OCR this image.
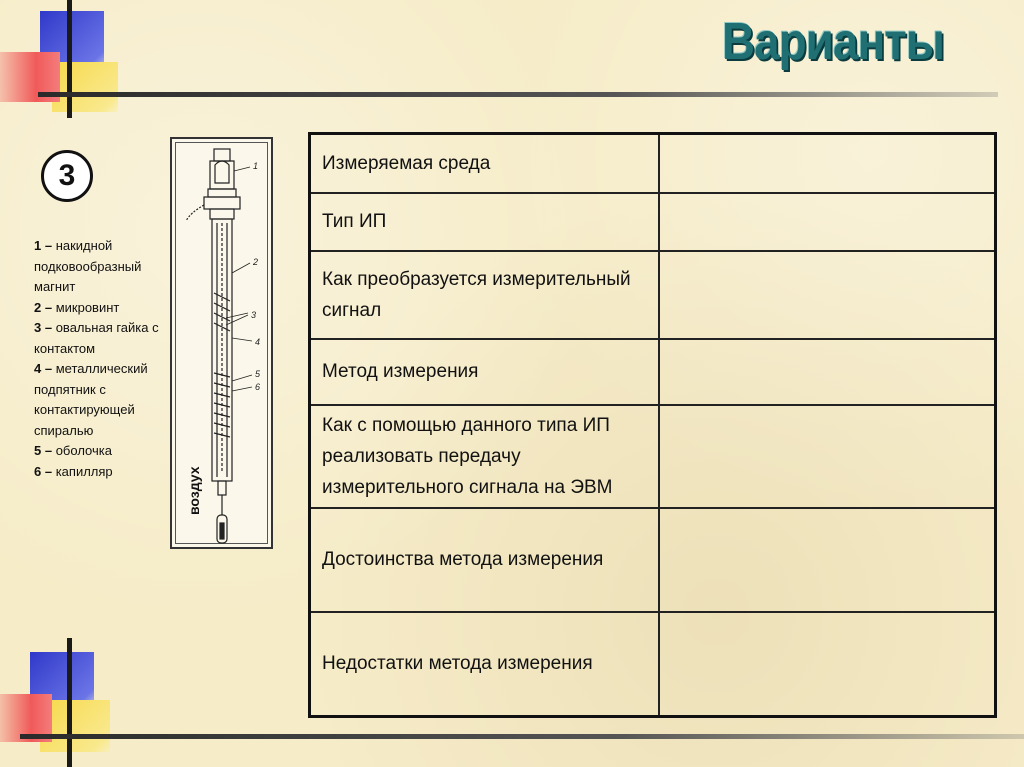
Варианты
3
1 – накидной подковообразный магнит
2 – микровинт
3 – овальная гайка с контактом
4 – металлический подпятник с контактирующей спиралью
5 – оболочка
6 – капилляр
1
2
3
4
5
6
воздух
Измеряемая среда	
Тип ИП	
Как преобразуется измерительный сигнал	
Метод измерения	
Как с помощью данного типа ИП реализовать передачу измерительного сигнала на ЭВМ	
Достоинства метода измерения	
Недостатки метода измерения	
